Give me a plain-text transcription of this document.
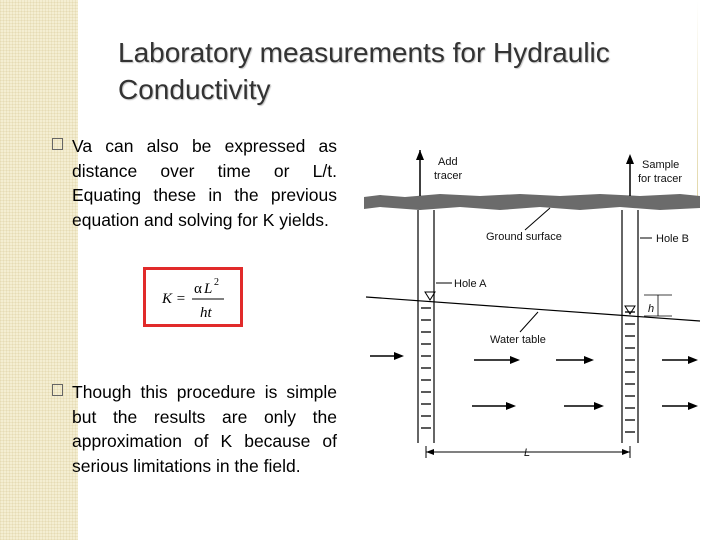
Laboratory measurements for Hydraulic Conductivity
Va can also be expressed as distance over time or L/t. Equating these in the previous equation and solving for K yields.
K =
α L 2
ht
Though this procedure is simple but the results are only the approximation of K because of serious limitations in the field.
Add
tracer
Sample
for tracer
Ground surface	Hole B
Hole A
h
Water table
L
